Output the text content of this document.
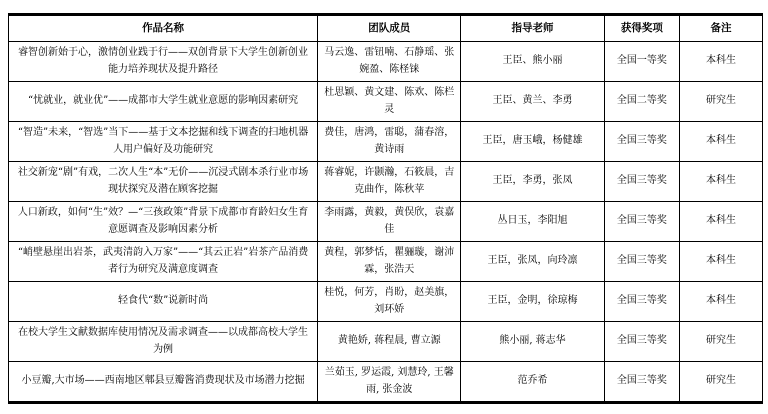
作品名称	团队成员	指导老师	获得奖项	备注
睿智创新始于心，激情创业践于行——双创背景下大学生创新创业能力培养现状及提升路径	马云逸、雷钮喃、石静瑶、张婉盈、陈柽铼	王臣、熊小丽	全国一等奖	本科生
“忧就业，就业优”——成都市大学生就业意愿的影响因素研究	杜思颖、黄文建、陈欢、陈栏灵	王臣、黄兰、李勇	全国二等奖	研究生
“智造”未来，“智选”当下——基于文本挖掘和线下调查的扫地机器人用户偏好及功能研究	费佳，唐鸿，雷聪，蒲春溶，黄诗雨	王臣，唐玉峨，杨健雄	全国三等奖	本科生
社交新宠“剧”有戏，二次人生“本”无价——沉浸式剧本杀行业市场现状探究及潜在顾客挖掘	蒋睿妮，许颢瀚，石筱晨，吉克曲作，陈秋苹	王臣，李勇，张凤	全国三等奖	本科生
人口新政，如何“生”效？—“三孩政策”背景下成都市育龄妇女生育意愿调查及影响因素分析	李雨露，黄毅，黄俣欣，袁嘉佳	丛日玉，李阳旭	全国三等奖	本科生
“峭壁悬崖出岩茶，武夷清韵入万家”——“其云正岩”岩茶产品消费者行为研究及满意度调查	黄程，郭梦恬，瞿骊璇，谢沛霖，张浩天	王臣，张凤，向玲凛	全国三等奖	本科生
轻食代“数”说新时尚	桂悦，何芳，肖盼，赵美旗，刘环娇	王臣，金明，徐琼梅	全国三等奖	本科生
在校大学生文献数据库使用情况及需求调查——以成都高校大学生为例	黄艳娇, 蒋程晨, 曹立源	熊小丽, 蒋志华	全国三等奖	研究生
小豆瓣,大市场——西南地区郫县豆瓣酱消费现状及市场潜力挖掘	兰茹玉, 罗运霞, 刘慧玲, 王馨雨, 张金波	范乔希	全国三等奖	研究生
